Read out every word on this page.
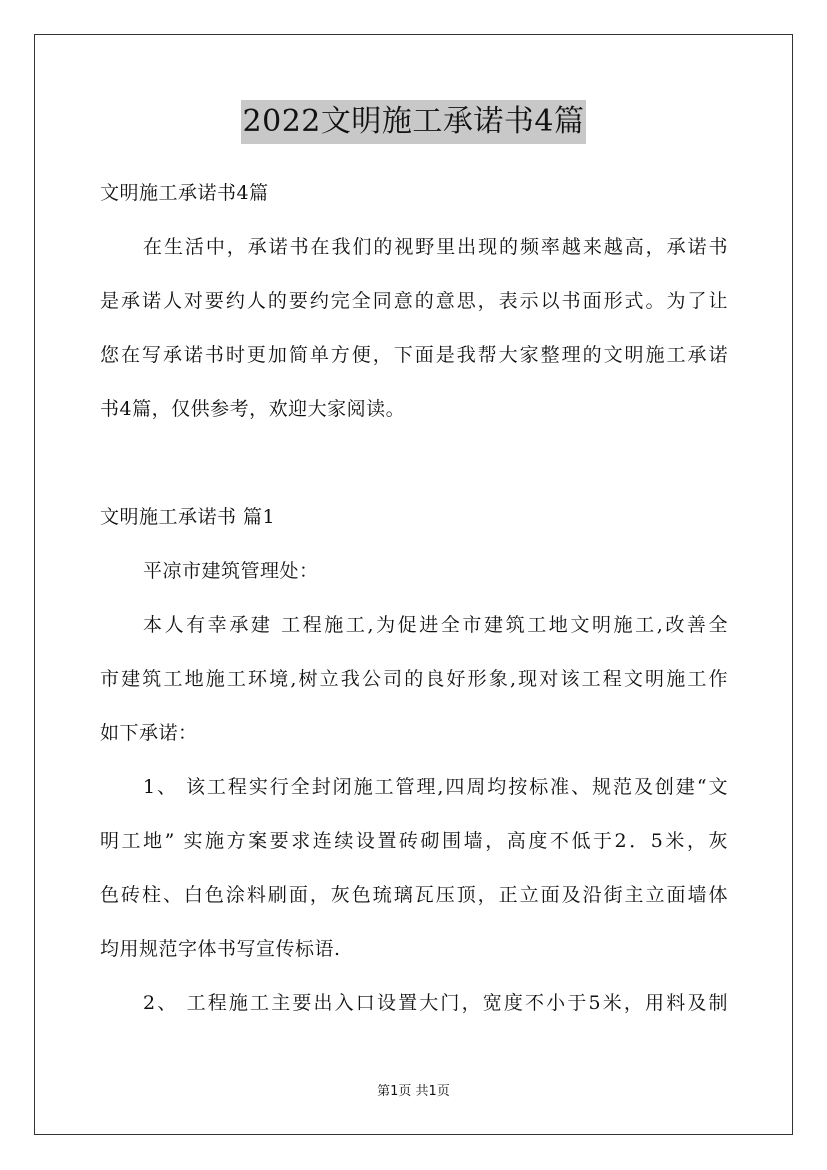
2022文明施工承诺书4篇
文明施工承诺书4篇
在生活中，承诺书在我们的视野里出现的频率越来越高，承诺书
是承诺人对要约人的要约完全同意的意思，表示以书面形式。为了让
您在写承诺书时更加简单方便，下面是我帮大家整理的文明施工承诺
书4篇，仅供参考，欢迎大家阅读。
文明施工承诺书 篇1
平凉市建筑管理处：
本人有幸承建 工程施工,为促进全市建筑工地文明施工,改善全
市建筑工地施工环境,树立我公司的良好形象,现对该工程文明施工作
如下承诺：
1、 该工程实行全封闭施工管理,四周均按标准、规范及创建“文
明工地” 实施方案要求连续设置砖砌围墙，高度不低于2．5米，灰
色砖柱、白色涂料刷面，灰色琉璃瓦压顶，正立面及沿街主立面墙体
均用规范字体书写宣传标语.
2、 工程施工主要出入口设置大门，宽度不小于5米，用料及制
第1页 共1页
